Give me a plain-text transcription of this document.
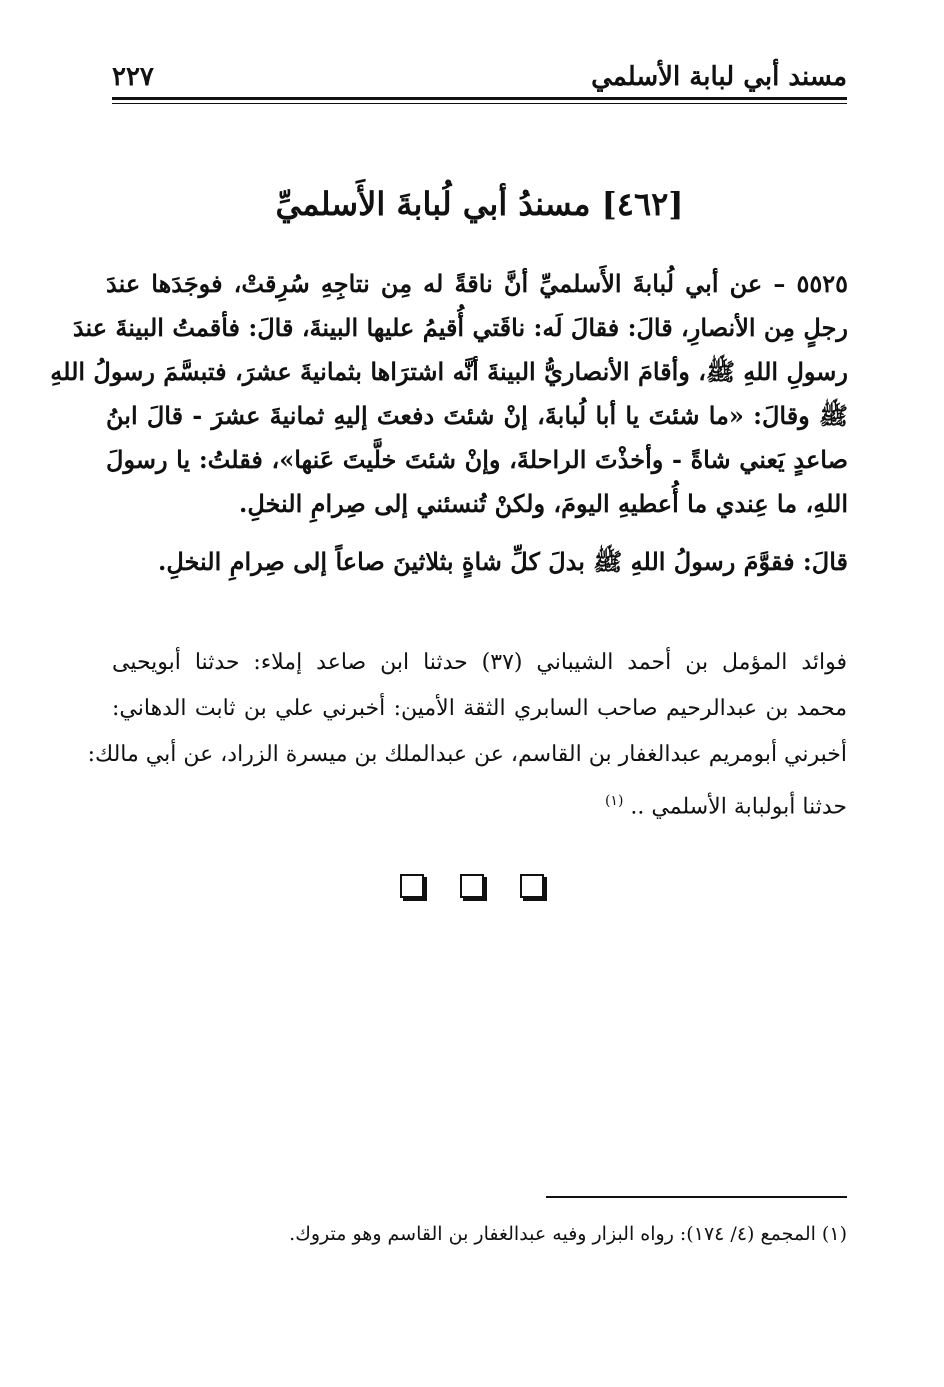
مسند أبي لبابة الأسلمي
٢٢٧
[٤٦٢] مسندُ أبي لُبابةَ الأَسلميِّ
٥٥٢٥ – عن أبي لُبابةَ الأَسلميِّ أنَّ ناقةً له مِن نتاجِهِ سُرِقتْ، فوجَدَها عندَ
رجلٍ مِن الأنصارِ، قالَ: فقالَ لَه: ناقَتي أُقيمُ عليها البينةَ، قالَ: فأقمتُ البينةَ عندَ
رسولِ اللهِ ﷺ، وأقامَ الأنصاريُّ البينةَ أنَّه اشترَاها بثمانيةَ عشرَ، فتبسَّمَ رسولُ اللهِ
ﷺ وقالَ: «ما شئتَ يا أبا لُبابةَ، إنْ شئتَ دفعتَ إليهِ ثمانيةَ عشرَ - قالَ ابنُ
صاعدٍ يَعني شاةً - وأخذْتَ الراحلةَ، وإنْ شئتَ خلَّيتَ عَنها»، فقلتُ: يا رسولَ
اللهِ، ما عِندي ما أُعطيهِ اليومَ، ولكنْ تُنسئني إلى صِرامِ النخلِ.
قالَ: فقوَّمَ رسولُ اللهِ ﷺ بدلَ كلِّ شاةٍ بثلاثينَ صاعاً إلى صِرامِ النخلِ.
فوائد المؤمل بن أحمد الشيباني (٣٧) حدثنا ابن صاعد إملاء: حدثنا أبويحيى
محمد بن عبدالرحيم صاحب السابري الثقة الأمين: أخبرني علي بن ثابت الدهاني:
أخبرني أبومريم عبدالغفار بن القاسم، عن عبدالملك بن ميسرة الزراد، عن أبي مالك:
حدثنا أبولبابة الأسلمي .. $^{(١)}$
(١) المجمع (٤/ ١٧٤): رواه البزار وفيه عبدالغفار بن القاسم وهو متروك.
